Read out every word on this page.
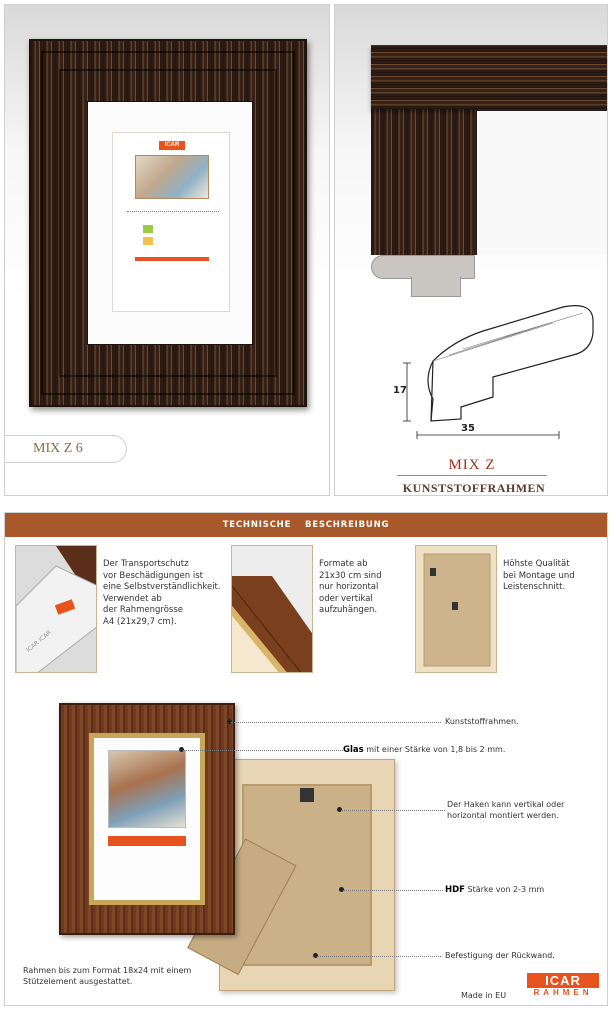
ICAR
MIX Z 6
17
35
MIX Z
KUNSTSTOFFRAHMEN
TECHNISCHE BESCHREIBUNG
ICAR ICAR
Der Transportschutz
vor Beschädigungen ist
eine Selbstverständlichkeit.
Verwendet ab
der Rahmengrösse
A4 (21x29,7 cm).
Formate ab
21x30 cm sind
nur horizontal
oder vertikal
aufzuhängen.
Höhste Qualität
bei Montage und
Leistenschnitt.
Kunststoffrahmen.
Glas mit einer Stärke von 1,8 bis 2 mm.
Der Haken kann vertikal oder
horizontal montiert werden.
HDF Stärke von 2-3 mm
Befestigung der Rückwand.
Rahmen bis zum Format 18x24 mit einem
Stützelement ausgestattet.
Made in EU
ICAR
RAHMEN
